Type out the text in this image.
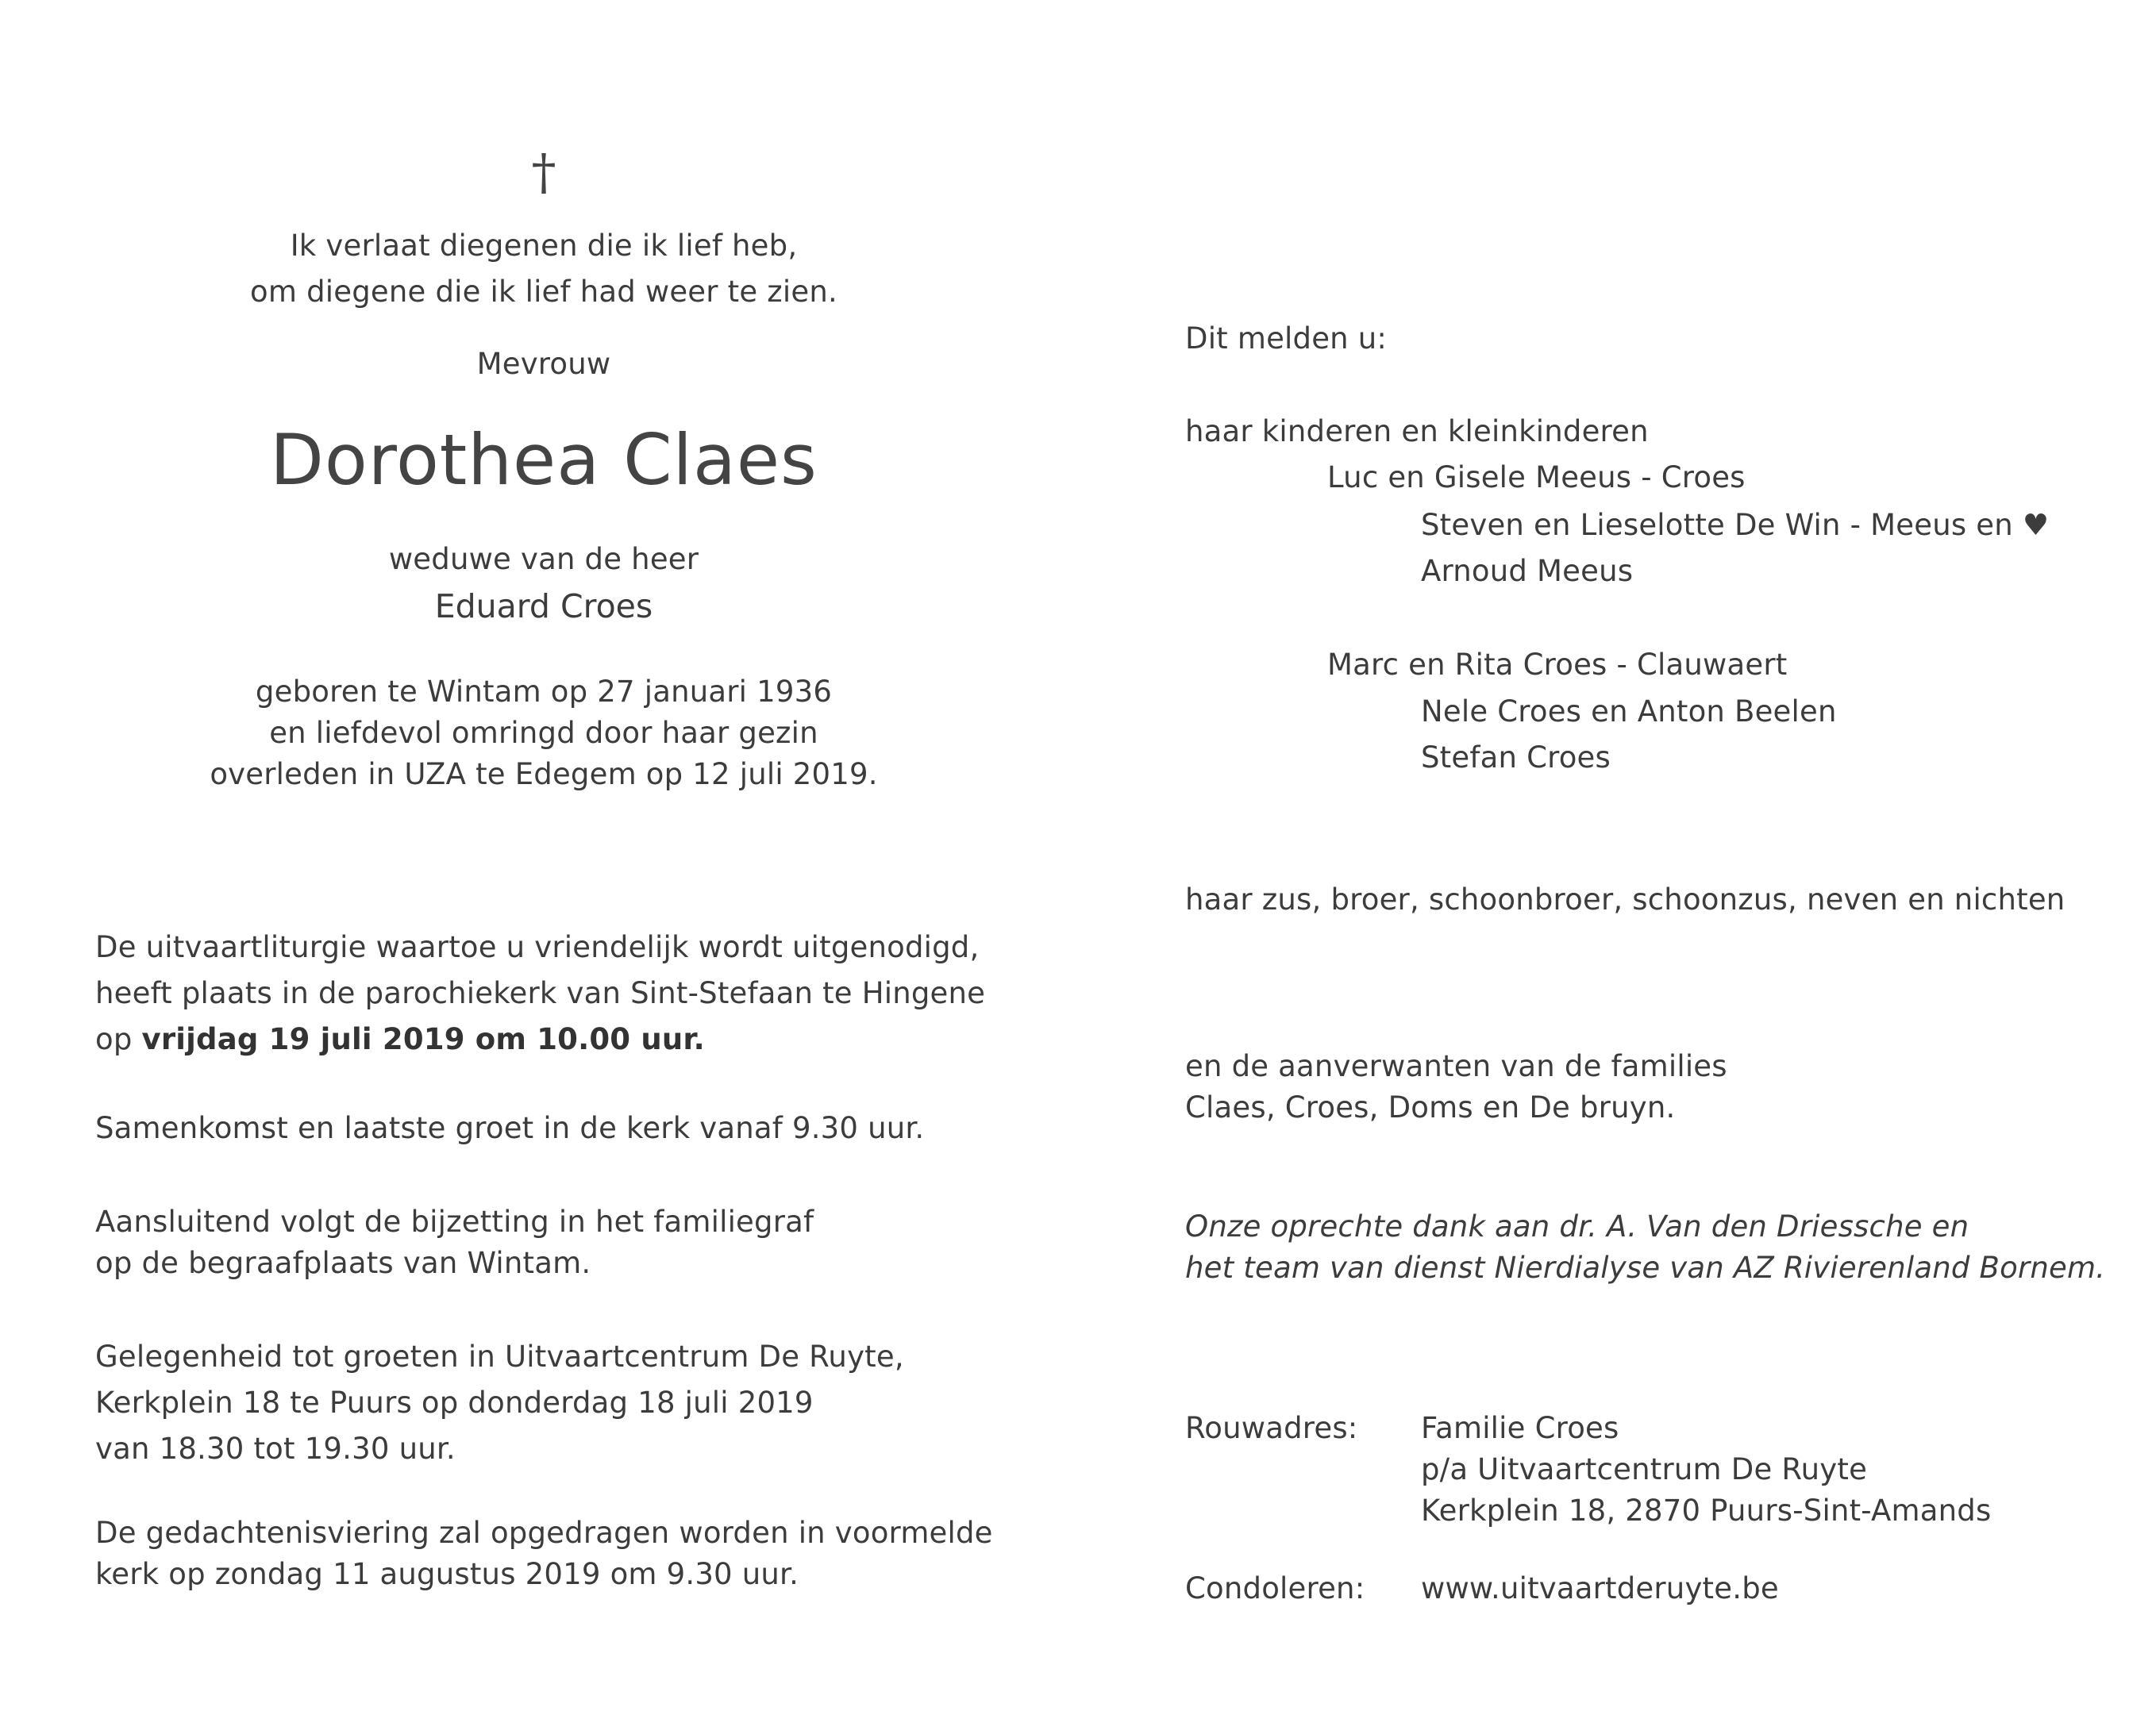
†
Ik verlaat diegenen die ik lief heb,
om diegene die ik lief had weer te zien.
Mevrouw
Dorothea Claes
weduwe van de heer
Eduard Croes
geboren te Wintam op 27 januari 1936
en liefdevol omringd door haar gezin
overleden in UZA te Edegem op 12 juli 2019.
De uitvaartliturgie waartoe u vriendelijk wordt uitgenodigd,
heeft plaats in de parochiekerk van Sint-Stefaan te Hingene
op vrijdag 19 juli 2019 om 10.00 uur.
Samenkomst en laatste groet in de kerk vanaf 9.30 uur.
Aansluitend volgt de bijzetting in het familiegraf
op de begraafplaats van Wintam.
Gelegenheid tot groeten in Uitvaartcentrum De Ruyte,
Kerkplein 18 te Puurs op donderdag 18 juli 2019
van 18.30 tot 19.30 uur.
De gedachtenisviering zal opgedragen worden in voormelde
kerk op zondag 11 augustus 2019 om 9.30 uur.
Dit melden u:
haar kinderen en kleinkinderen
Luc en Gisele Meeus - Croes
Steven en Lieselotte De Win - Meeus en ♥
Arnoud Meeus
Marc en Rita Croes - Clauwaert
Nele Croes en Anton Beelen
Stefan Croes
haar zus, broer, schoonbroer, schoonzus, neven en nichten
en de aanverwanten van de families
Claes, Croes, Doms en De bruyn.
Onze oprechte dank aan dr. A. Van den Driessche en
het team van dienst Nierdialyse van AZ Rivierenland Bornem.
Rouwadres: Familie Croes
p/a Uitvaartcentrum De Ruyte
Kerkplein 18, 2870 Puurs-Sint-Amands
Condoleren: www.uitvaartderuyte.be
